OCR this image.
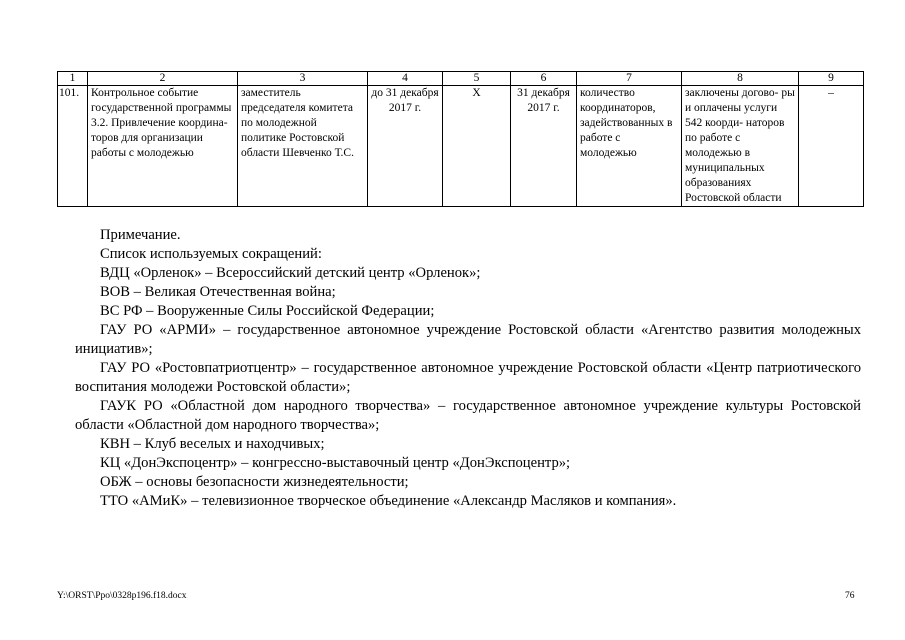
1	2	3	4	5	6	7	8	9
101.	Контрольное событие государственной программы 3.2. Привлечение координа- торов для организации работы с молодежью	заместитель председателя комитета по молодежной политике Ростовской области Шевченко Т.С.	до 31 декабря 2017 г.	Х	31 декабря 2017 г.	количество координаторов, задействованных в работе с молодежью	заключены догово- ры и оплачены услуги 542 коорди- наторов по работе с молодежью в муниципальных образованиях Ростовской области	–

Примечание.

Список используемых сокращений:

ВДЦ «Орленок» – Всероссийский детский центр «Орленок»;

ВОВ – Великая Отечественная война;

ВС РФ – Вооруженные Силы Российской Федерации;

ГАУ РО «АРМИ» – государственное автономное учреждение Ростовской области «Агентство развития молодежных инициатив»;

ГАУ РО «Ростовпатриотцентр» – государственное автономное учреждение Ростовской области «Центр патриотического воспитания молодежи Ростовской области»;

ГАУК РО «Областной дом народного творчества» – государственное автономное учреждение культуры Ростовской области «Областной дом народного творчества»;

КВН – Клуб веселых и находчивых;

КЦ «ДонЭкспоцентр» – конгрессно-выставочный центр «ДонЭкспоцентр»;

ОБЖ – основы безопасности жизнедеятельности;

ТТО «АМиК» – телевизионное творческое объединение «Александр Масляков и компания».

Y:\ORST\Ppo\0328p196.f18.docx	76
